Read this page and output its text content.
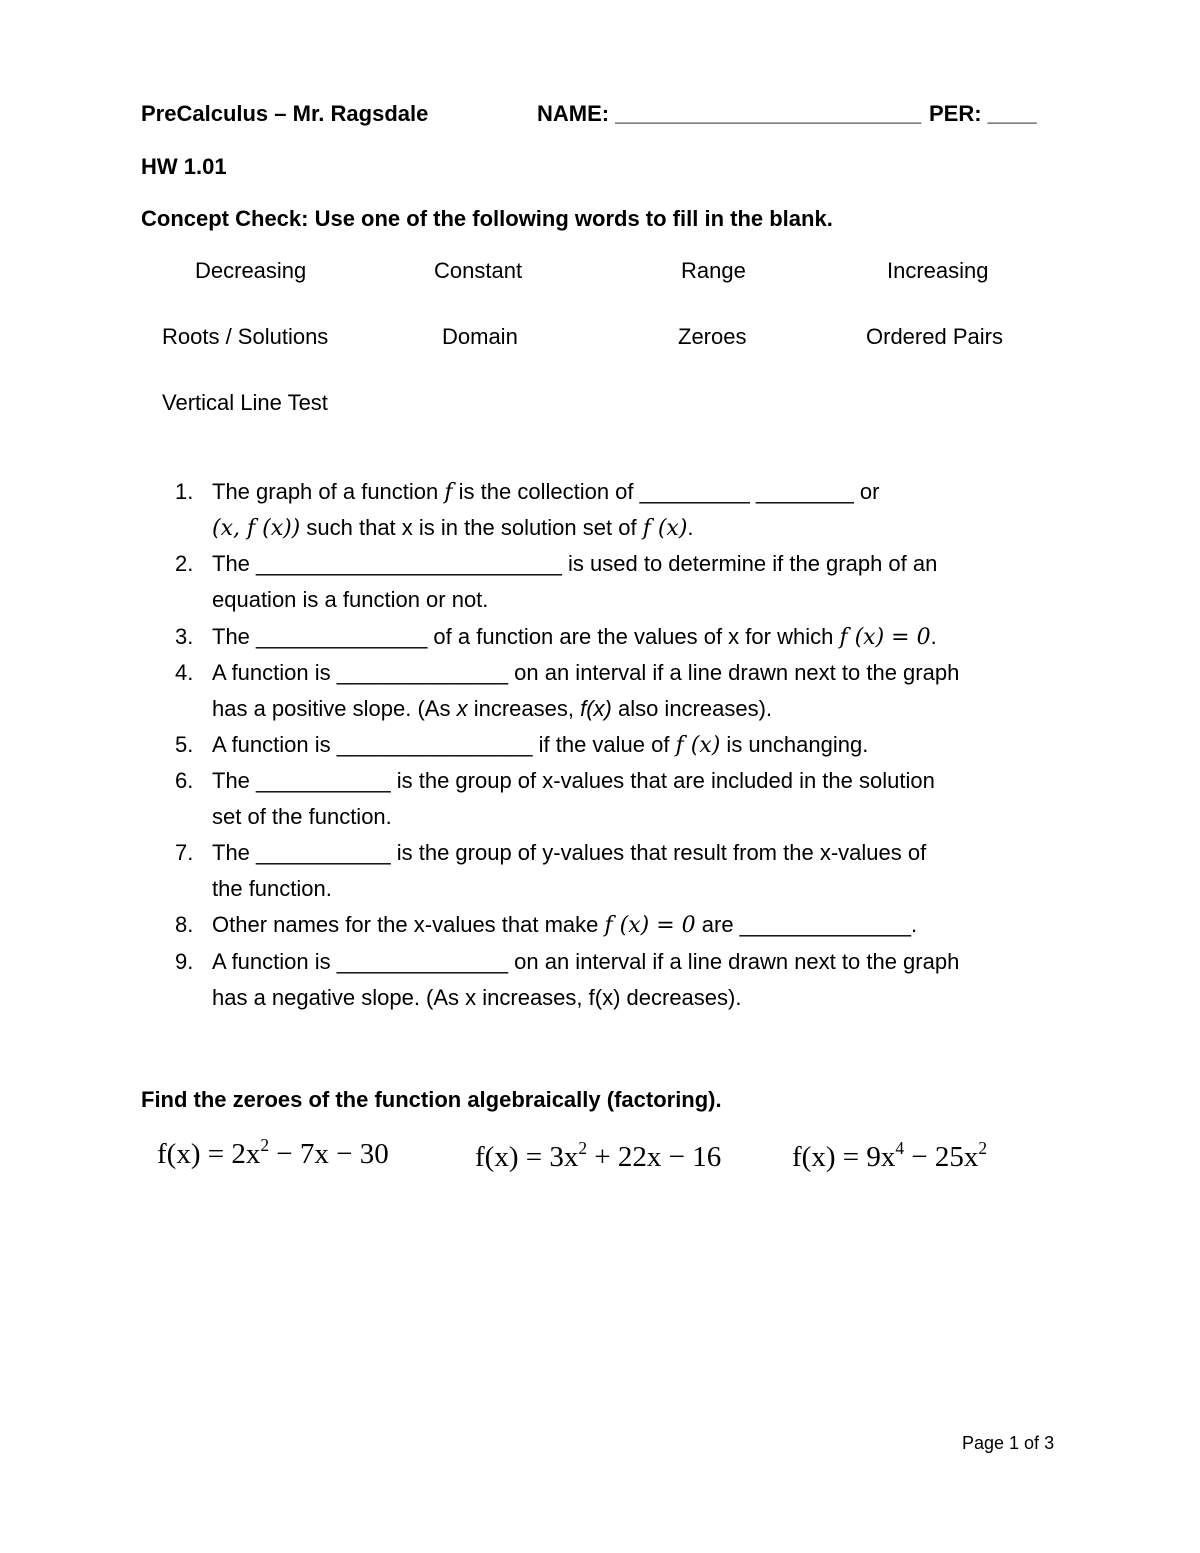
PreCalculus – Mr. Ragsdale	NAME: _________________________ PER: ____
HW 1.01
Concept Check: Use one of the following words to fill in the blank.
Decreasing	Constant	Range	Increasing
Roots / Solutions	Domain	Zeroes	Ordered Pairs
Vertical Line Test
1. The graph of a function f is the collection of _________ ________ or
(x, f (x)) such that x is in the solution set of f (x).
2. The _________________________ is used to determine if the graph of an
equation is a function or not.
3. The ______________ of a function are the values of x for which f (x) = 0.
4. A function is ______________ on an interval if a line drawn next to the graph
has a positive slope. (As x increases, f(x) also increases).
5. A function is ________________ if the value of f (x) is unchanging.
6. The ___________ is the group of x-values that are included in the solution
set of the function.
7. The ___________ is the group of y-values that result from the x-values of
the function.
8. Other names for the x-values that make f (x) = 0 are ______________.
9. A function is ______________ on an interval if a line drawn next to the graph
has a negative slope. (As x increases, f(x) decreases).
Find the zeroes of the function algebraically (factoring).
$f(x) = 2x^2 - 7x - 30$	$f(x) = 3x^2 + 22x - 16$ $f(x) = 9x^4 - 25x^2$
Page 1 of 3
